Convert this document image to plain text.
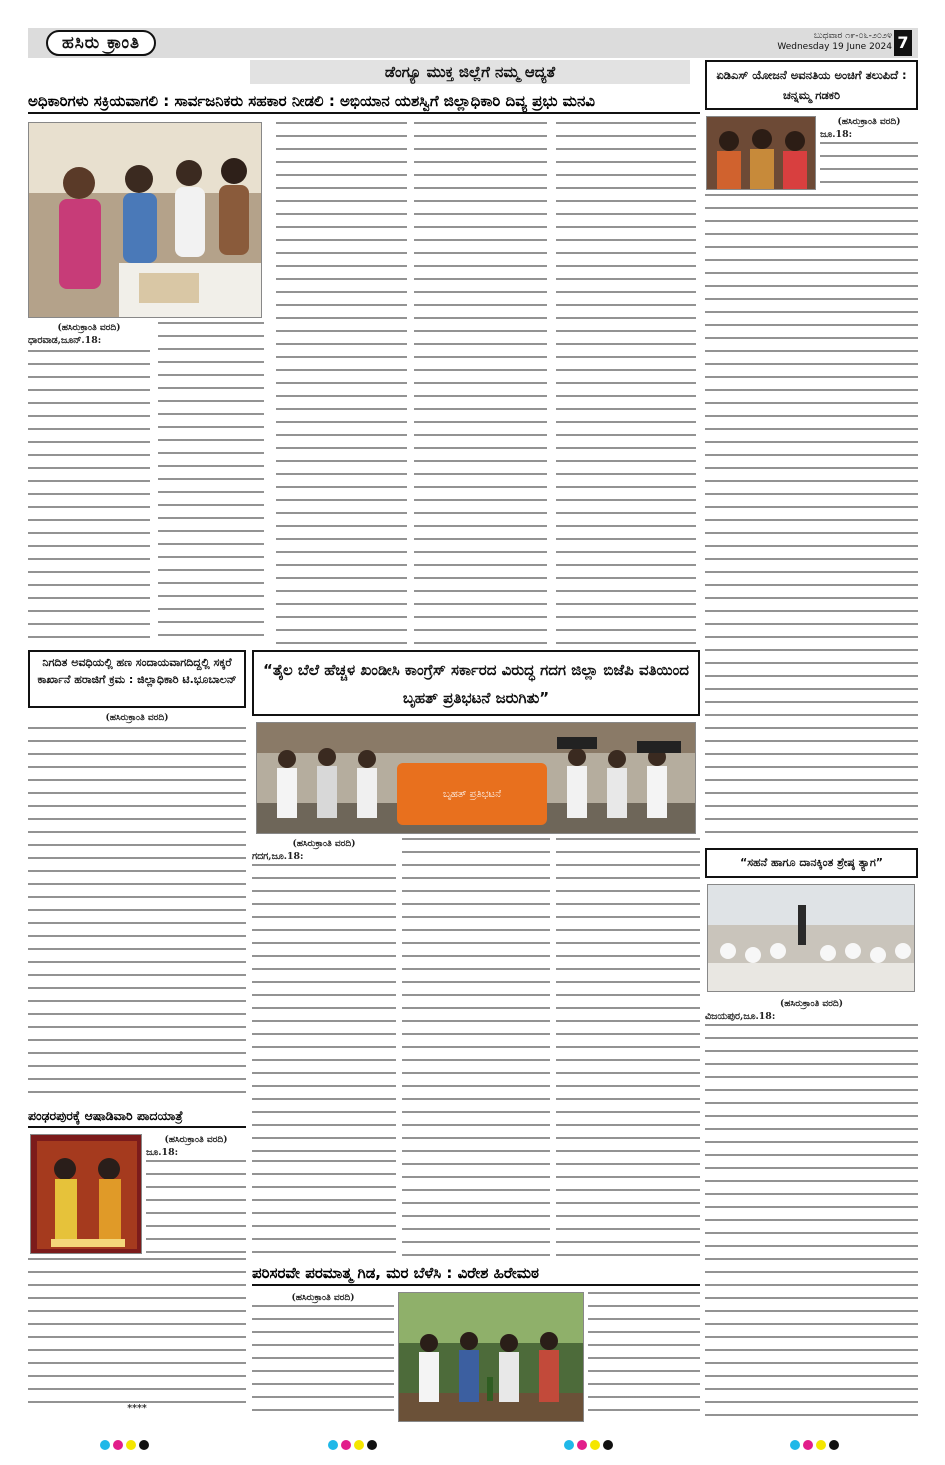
ಹಸಿರು ಕ್ರಾಂತಿ	ಬುಧವಾರ ೧೯-೦೬-೨೦೨೪
Wednesday 19 June 2024 7
ಡೆಂಗ್ಯೂ ಮುಕ್ತ ಜಿಲ್ಲೆಗೆ ನಮ್ಮ ಆದ್ಯತೆ
ಅಧಿಕಾರಿಗಳು ಸಕ್ರಿಯವಾಗಲಿ : ಸಾರ್ವಜನಿಕರು ಸಹಕಾರ ನೀಡಲಿ : ಅಭಿಯಾನ ಯಶಸ್ವಿಗೆ ಜಿಲ್ಲಾಧಿಕಾರಿ ದಿವ್ಯ ಪ್ರಭು ಮನವಿ
(ಹಸಿರುಕ್ರಾಂತಿ ವರದಿ)
ಧಾರವಾಡ,ಜೂನ್.18:
ಏಡಿಎಸ್ ಯೋಜನೆ ಅವನತಿಯ ಅಂಚಿಗೆ ತಲುಪಿದೆ : ಚನ್ನಮ್ಮ ಗಡಕರಿ
(ಹಸಿರುಕ್ರಾಂತಿ ವರದಿ)
ಜೂ.18:
ನಿಗದಿತ ಅವಧಿಯಲ್ಲಿ ಹಣ ಸಂದಾಯವಾಗದಿದ್ದಲ್ಲಿ ಸಕ್ಕರೆ ಕಾರ್ಖಾನೆ ಹರಾಜಿಗೆ ಕ್ರಮ : ಜಿಲ್ಲಾಧಿಕಾರಿ ಟಿ.ಭೂಬಾಲನ್
(ಹಸಿರುಕ್ರಾಂತಿ ವರದಿ)
ಪಂಢರಪುರಕ್ಕೆ ಆಷಾಡಿವಾರಿ ಪಾದಯಾತ್ರೆ
(ಹಸಿರುಕ್ರಾಂತಿ ವರದಿ)
ಜೂ.18:
****
“ತೈಲ ಬೆಲೆ ಹೆಚ್ಚಳ ಖಂಡೀಸಿ ಕಾಂಗ್ರೆಸ್ ಸರ್ಕಾರದ ವಿರುದ್ಧ ಗದಗ ಜಿಲ್ಲಾ ಬಿಜೆಪಿ ವತಿಯಿಂದ ಬೃಹತ್ ಪ್ರತಿಭಟನೆ ಜರುಗಿತು”
ಬೃಹತ್ ಪ್ರತಿಭಟನೆ
(ಹಸಿರುಕ್ರಾಂತಿ ವರದಿ)
ಗದಗ,ಜೂ.18:	“ಸಹನೆ ಹಾಗೂ ದಾನಕ್ಕಿಂತ ಶ್ರೇಷ್ಠ ತ್ಯಾಗ”
(ಹಸಿರುಕ್ರಾಂತಿ ವರದಿ)
ವಿಜಯಪುರ,ಜೂ.18:
ಪರಿಸರವೇ ಪರಮಾತ್ಮ ಗಿಡ, ಮರ ಬೆಳೆಸಿ : ವಿರೇಶ ಹಿರೇಮಠ
(ಹಸಿರುಕ್ರಾಂತಿ ವರದಿ)
